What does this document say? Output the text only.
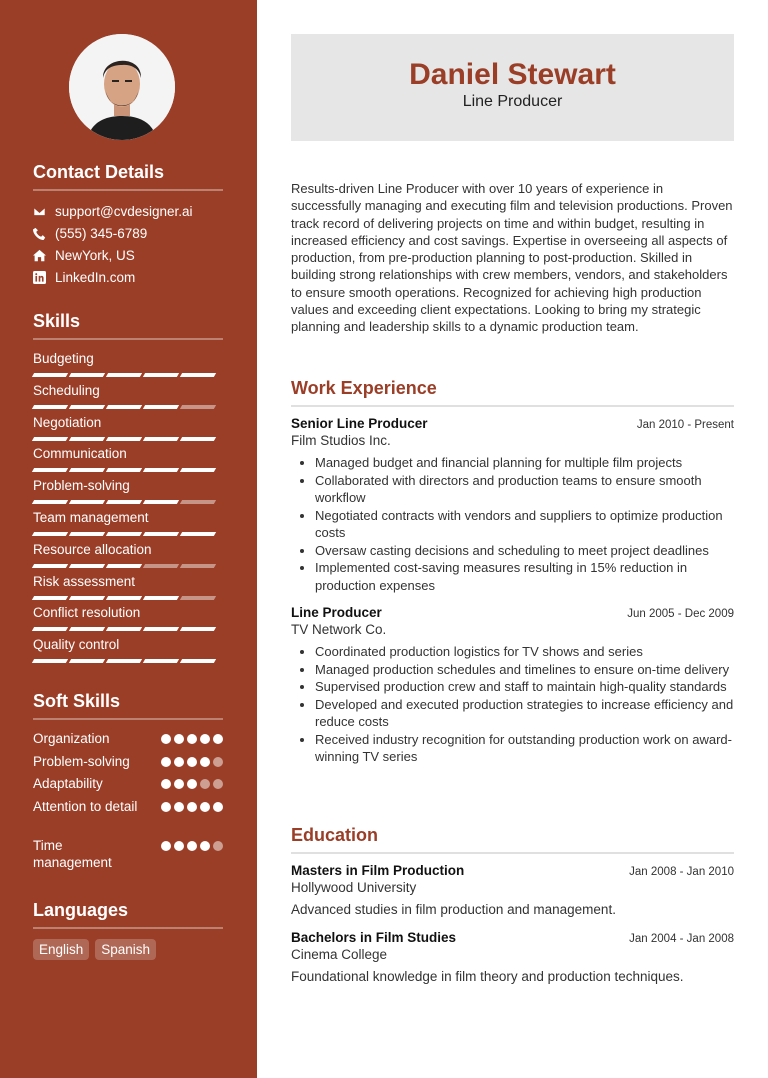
Contact Details
support@cvdesigner.ai
(555) 345-6789
NewYork, US
LinkedIn.com
Skills
Budgeting
Scheduling
Negotiation
Communication
Problem-solving
Team management
Resource allocation
Risk assessment
Conflict resolution
Quality control
Soft Skills
Organization
Problem-solving
Adaptability
Attention to detail
Time management
Languages
English	Spanish
Daniel Stewart
Line Producer

Results-driven Line Producer with over 10 years of experience in successfully managing and executing film and television productions. Proven track record of delivering projects on time and within budget, resulting in increased efficiency and cost savings. Expertise in overseeing all aspects of production, from pre-production planning to post-production. Skilled in building strong relationships with crew members, vendors, and stakeholders to ensure smooth operations. Recognized for achieving high production values and exceeding client expectations. Looking to bring my strategic planning and leadership skills to a dynamic production team.

Work Experience
Senior Line Producer	Jan 2010 - Present
Film Studios Inc.
• Managed budget and financial planning for multiple film projects
• Collaborated with directors and production teams to ensure smooth workflow
• Negotiated contracts with vendors and suppliers to optimize production costs
• Oversaw casting decisions and scheduling to meet project deadlines
• Implemented cost-saving measures resulting in 15% reduction in production expenses
Line Producer	Jun 2005 - Dec 2009
TV Network Co.
• Coordinated production logistics for TV shows and series
• Managed production schedules and timelines to ensure on-time delivery
• Supervised production crew and staff to maintain high-quality standards
• Developed and executed production strategies to increase efficiency and reduce costs
• Received industry recognition for outstanding production work on award-winning TV series
Education
Masters in Film Production	Jan 2008 - Jan 2010
Hollywood University
Advanced studies in film production and management.
Bachelors in Film Studies	Jan 2004 - Jan 2008
Cinema College
Foundational knowledge in film theory and production techniques.
